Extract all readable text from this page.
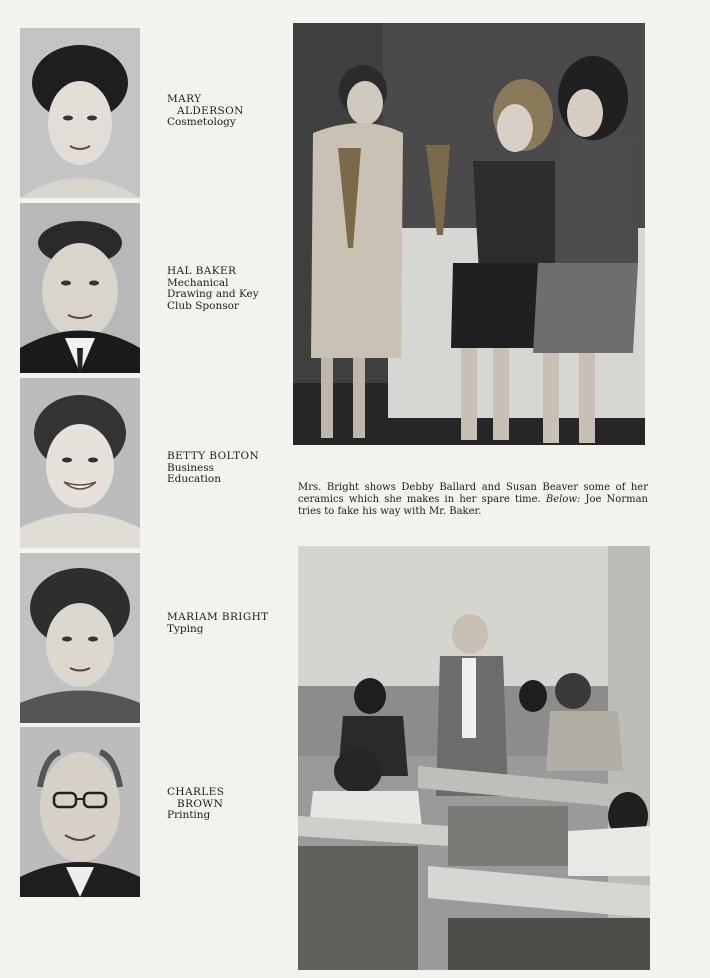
MARY
ALDERSON
Cosmetology
HAL BAKER
Mechanical Drawing and Key Club Sponsor
BETTY BOLTON
Business Education
MARIAM BRIGHT
Typing
CHARLES
BROWN
Printing
Mrs. Bright shows Debby Ballard and Susan Beaver some of her ceramics which she makes in her spare time. Below: Joe Norman tries to fake his way with Mr. Baker.
